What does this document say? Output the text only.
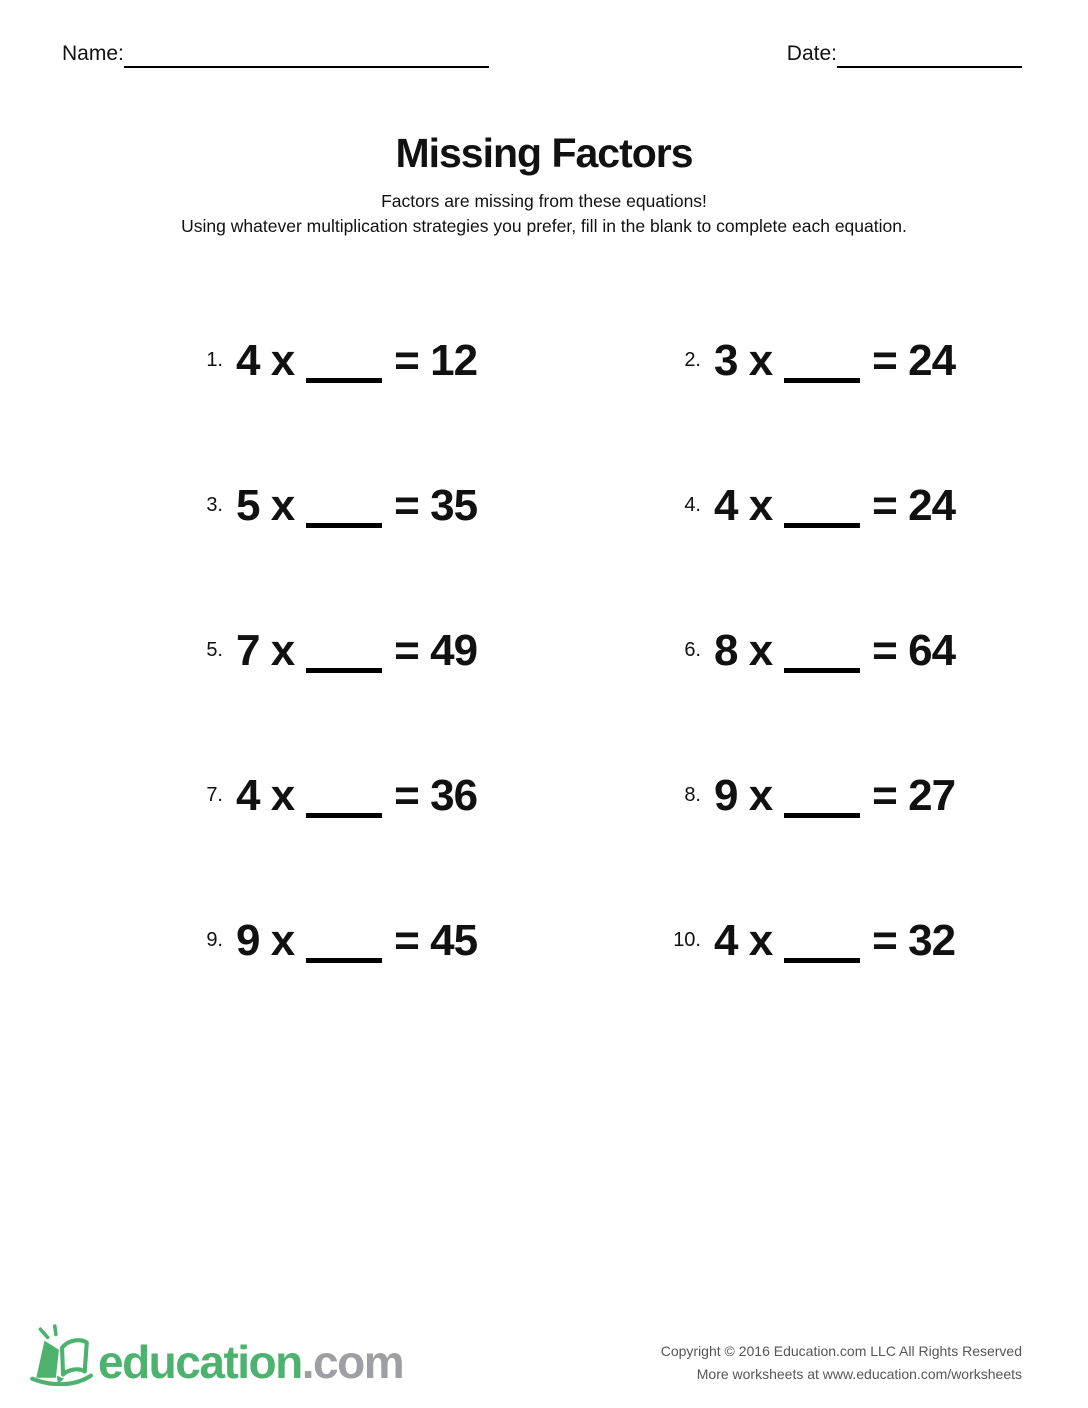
Name:	Date:
Missing Factors
Factors are missing from these equations!
Using whatever multiplication strategies you prefer, fill in the blank to complete each equation.
1. 4 x = 12	2. 3 x = 24
3. 5 x = 35	4. 4 x = 24
5. 7 x = 49	6. 8 x = 64
7. 4 x = 36	8. 9 x = 27
9. 9 x = 45	10. 4 x = 32
education.com	Copyright © 2016 Education.com LLC All Rights Reserved
More worksheets at www.education.com/worksheets
